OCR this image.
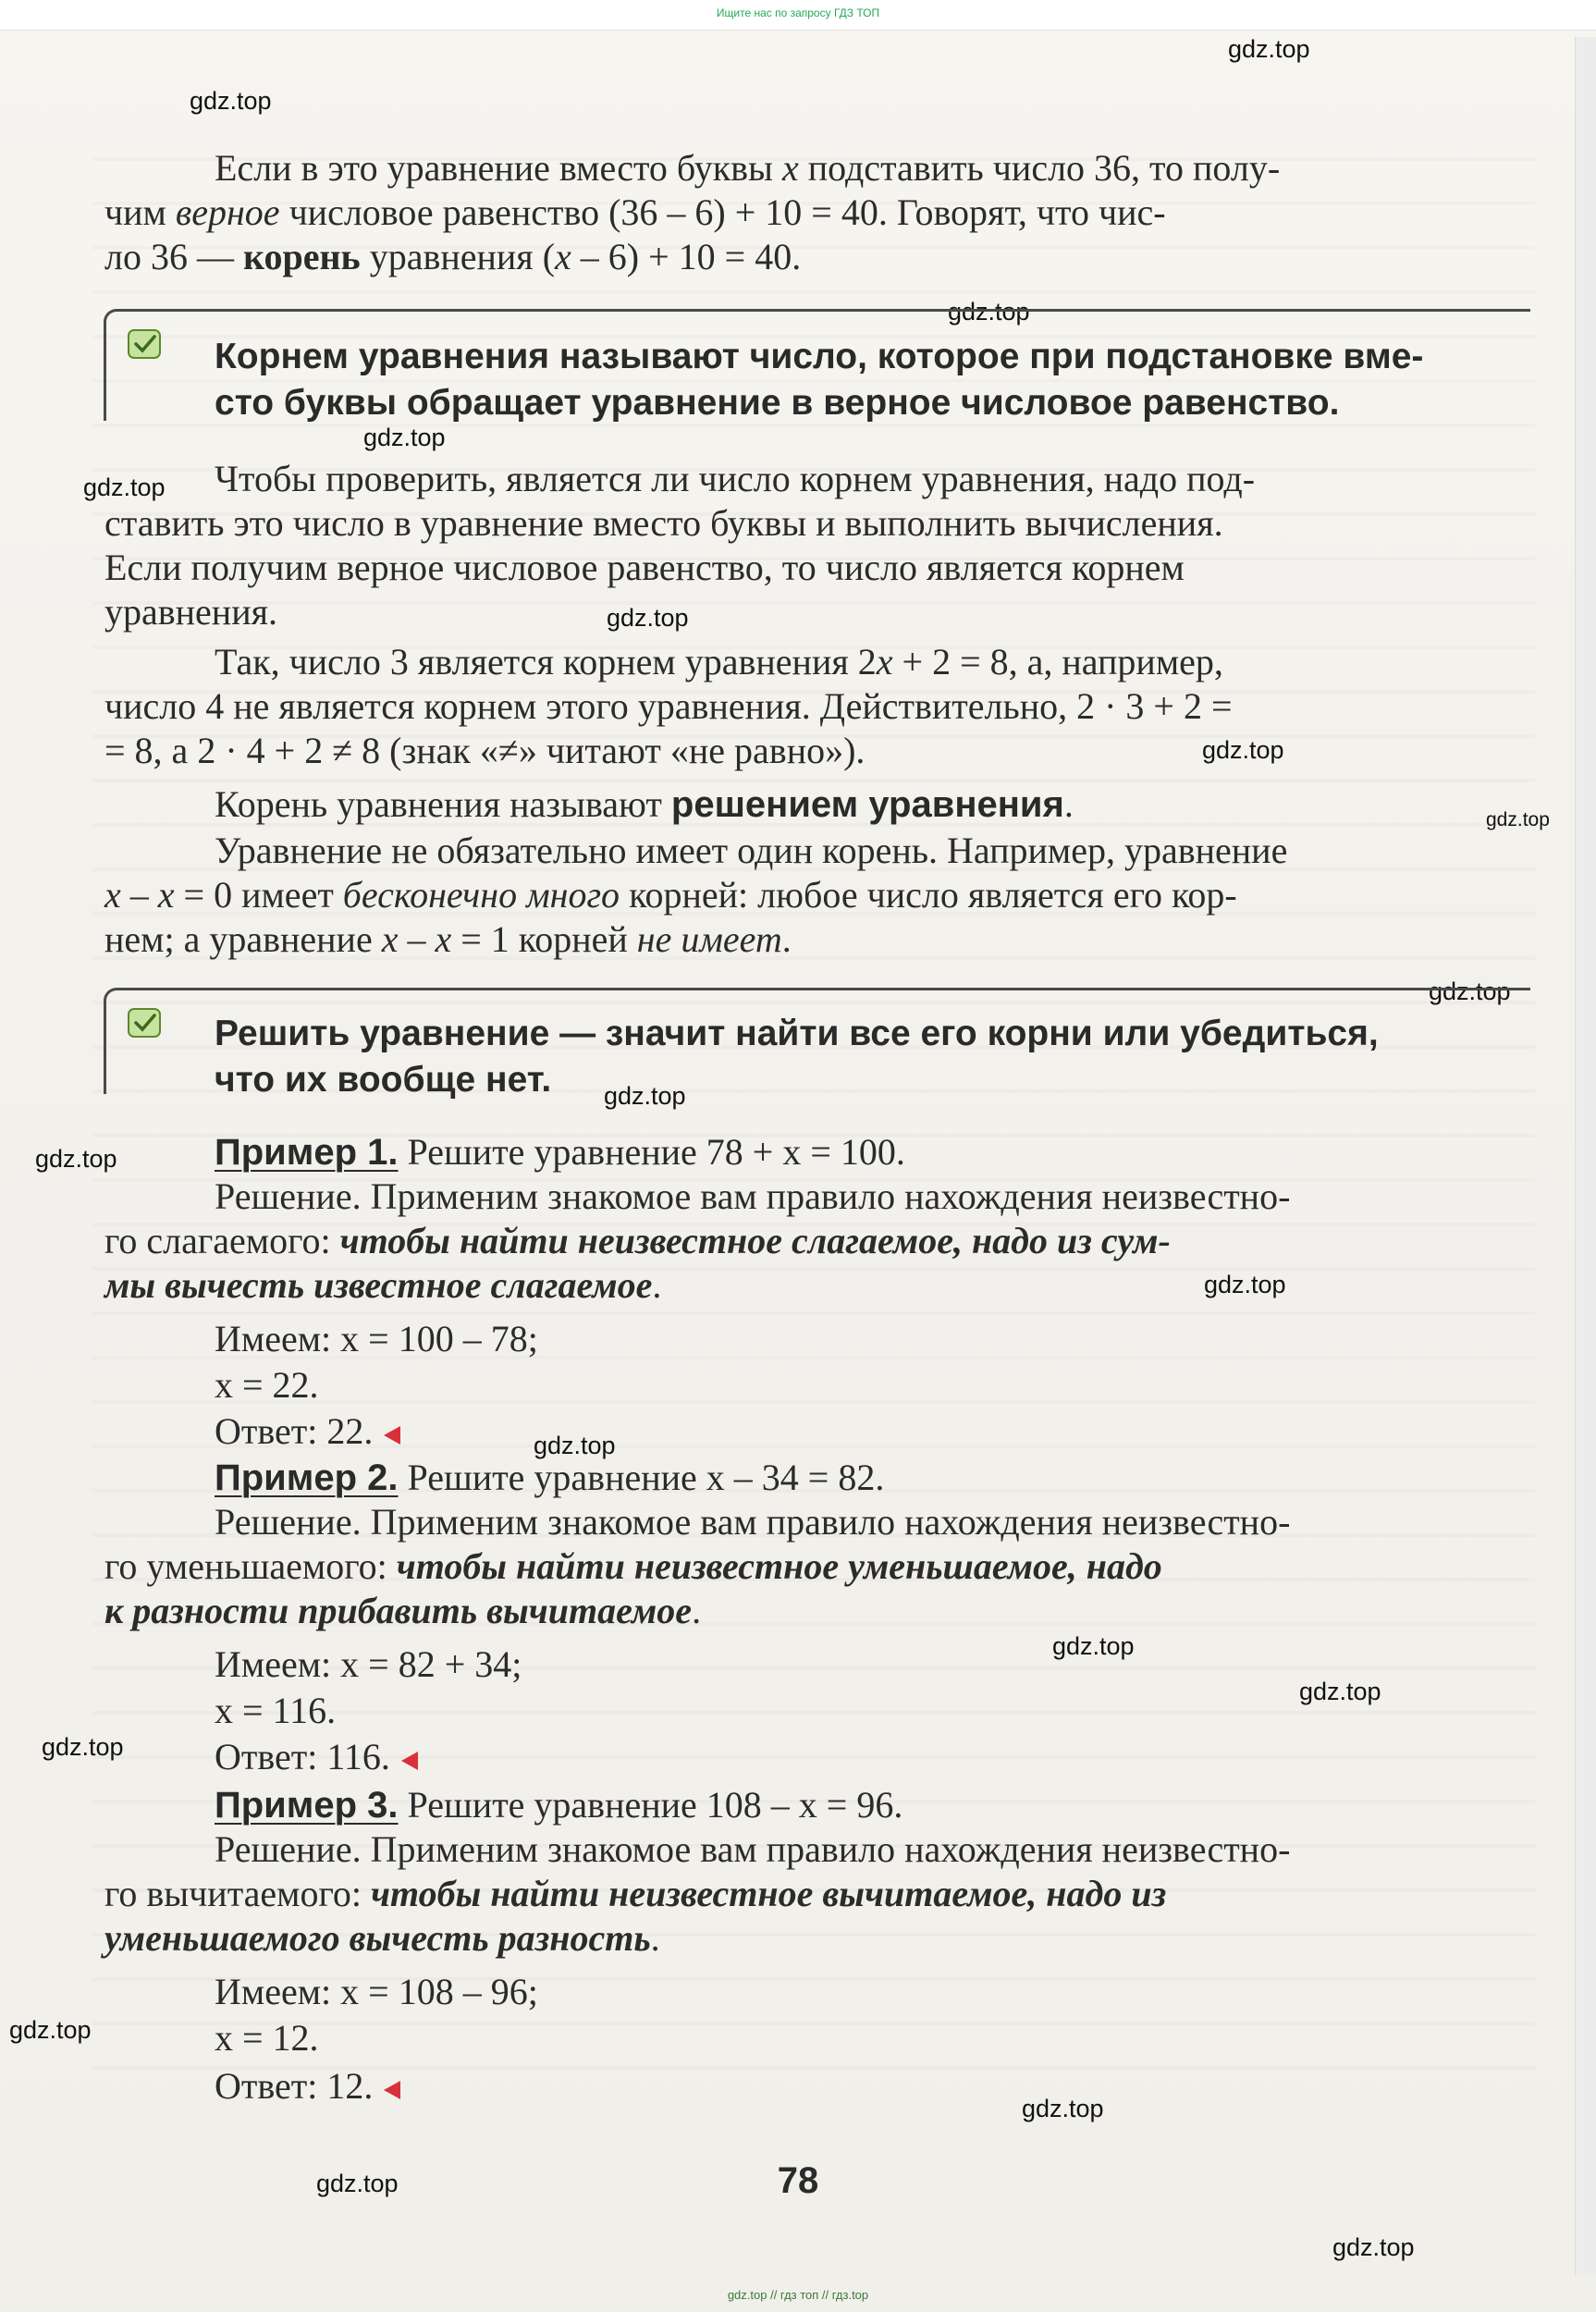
Ищите нас по запросу ГДЗ ТОП
gdz.top
gdz.top
gdz.top
gdz.top
gdz.top
gdz.top
gdz.top
gdz.top
gdz.top
gdz.top
gdz.top
gdz.top
gdz.top
gdz.top
gdz.top
gdz.top
gdz.top
gdz.top
gdz.top
gdz.top
Если в это уравнение вместо буквы x подставить число 36, то полу-
чим верное числовое равенство (36 – 6) + 10 = 40. Говорят, что чис-
ло 36 — корень уравнения (x – 6) + 10 = 40.
Корнем уравнения называют число, которое при подстановке вме-
сто буквы обращает уравнение в верное числовое равенство.
Чтобы проверить, является ли число корнем уравнения, надо под-
ставить это число в уравнение вместо буквы и выполнить вычисления.
Если получим верное числовое равенство, то число является корнем
уравнения.
Так, число 3 является корнем уравнения 2x + 2 = 8, а, например,
число 4 не является корнем этого уравнения. Действительно, 2 · 3 + 2 =
= 8, а 2 · 4 + 2 ≠ 8 (знак «≠» читают «не равно»).
Корень уравнения называют решением уравнения.
Уравнение не обязательно имеет один корень. Например, уравнение
x – x = 0 имеет бесконечно много корней: любое число является его кор-
нем; а уравнение x – x = 1 корней не имеет.
Решить уравнение — значит найти все его корни или убедиться,
что их вообще нет.
Пример 1. Решите уравнение 78 + x = 100.
Решение. Применим знакомое вам правило нахождения неизвестно-
го слагаемого: чтобы найти неизвестное слагаемое, надо из сум-
мы вычесть известное слагаемое.
Имеем: x = 100 – 78;
x = 22.
Ответ: 22.
Пример 2. Решите уравнение x – 34 = 82.
Решение. Применим знакомое вам правило нахождения неизвестно-
го уменьшаемого: чтобы найти неизвестное уменьшаемое, надо
к разности прибавить вычитаемое.
Имеем: x = 82 + 34;
x = 116.
Ответ: 116.
Пример 3. Решите уравнение 108 – x = 96.
Решение. Применим знакомое вам правило нахождения неизвестно-
го вычитаемого: чтобы найти неизвестное вычитаемое, надо из
уменьшаемого вычесть разность.
Имеем: x = 108 – 96;
x = 12.
Ответ: 12.
78
gdz.top // гдз топ // гдз.top
